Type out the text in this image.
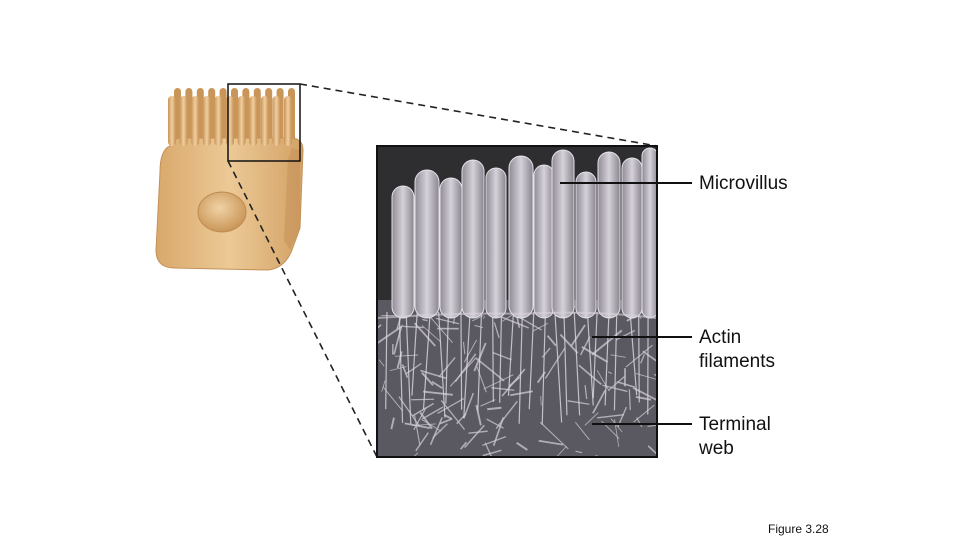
Microvillus
Actin
filaments
Terminal
web
Figure 3.28
